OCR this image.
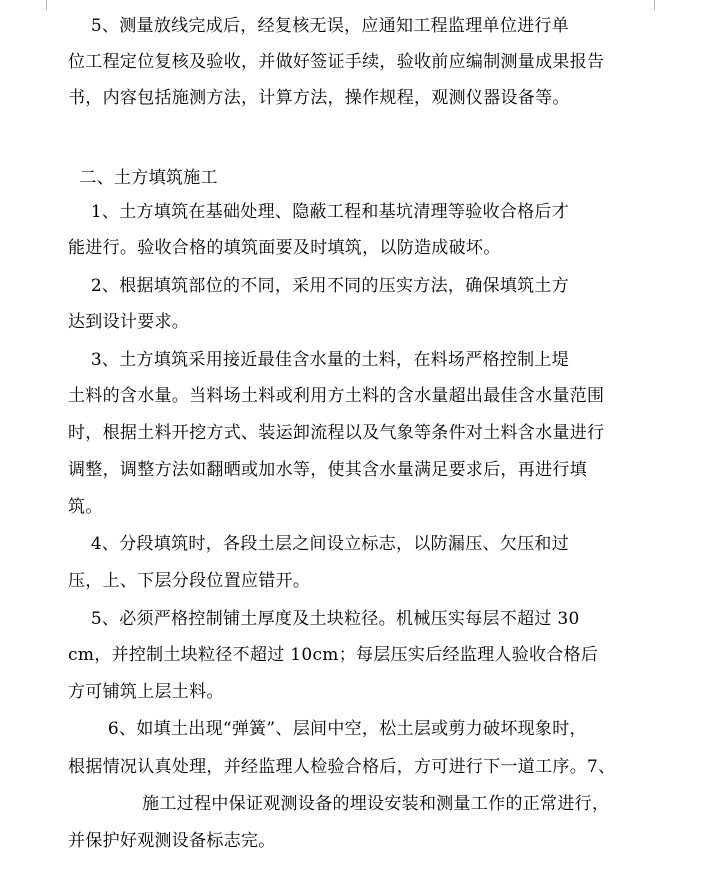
5、测量放线完成后，经复核无误，应通知工程监理单位进行单
位工程定位复核及验收，并做好签证手续，验收前应编制测量成果报告
书，内容包括施测方法，计算方法，操作规程，观测仪器设备等。
二、土方填筑施工
1、土方填筑在基础处理、隐蔽工程和基坑清理等验收合格后才
能进行。验收合格的填筑面要及时填筑，以防造成破坏。
2、根据填筑部位的不同，采用不同的压实方法，确保填筑土方
达到设计要求。
3、土方填筑采用接近最佳含水量的土料，在料场严格控制上堤
土料的含水量。当料场土料或利用方土料的含水量超出最佳含水量范围
时，根据土料开挖方式、装运卸流程以及气象等条件对土料含水量进行
调整，调整方法如翻晒或加水等，使其含水量满足要求后，再进行填
筑。
4、分段填筑时，各段土层之间设立标志，以防漏压、欠压和过
压，上、下层分段位置应错开。
5、必须严格控制铺土厚度及土块粒径。机械压实每层不超过 30
cm，并控制土块粒径不超过 10cm；每层压实后经监理人验收合格后
方可铺筑上层土料。
6、如填土出现“弹簧”、层间中空，松土层或剪力破坏现象时，
根据情况认真处理，并经监理人检验合格后，方可进行下一道工序。7、
施工过程中保证观测设备的埋设安装和测量工作的正常进行，
并保护好观测设备标志完。
